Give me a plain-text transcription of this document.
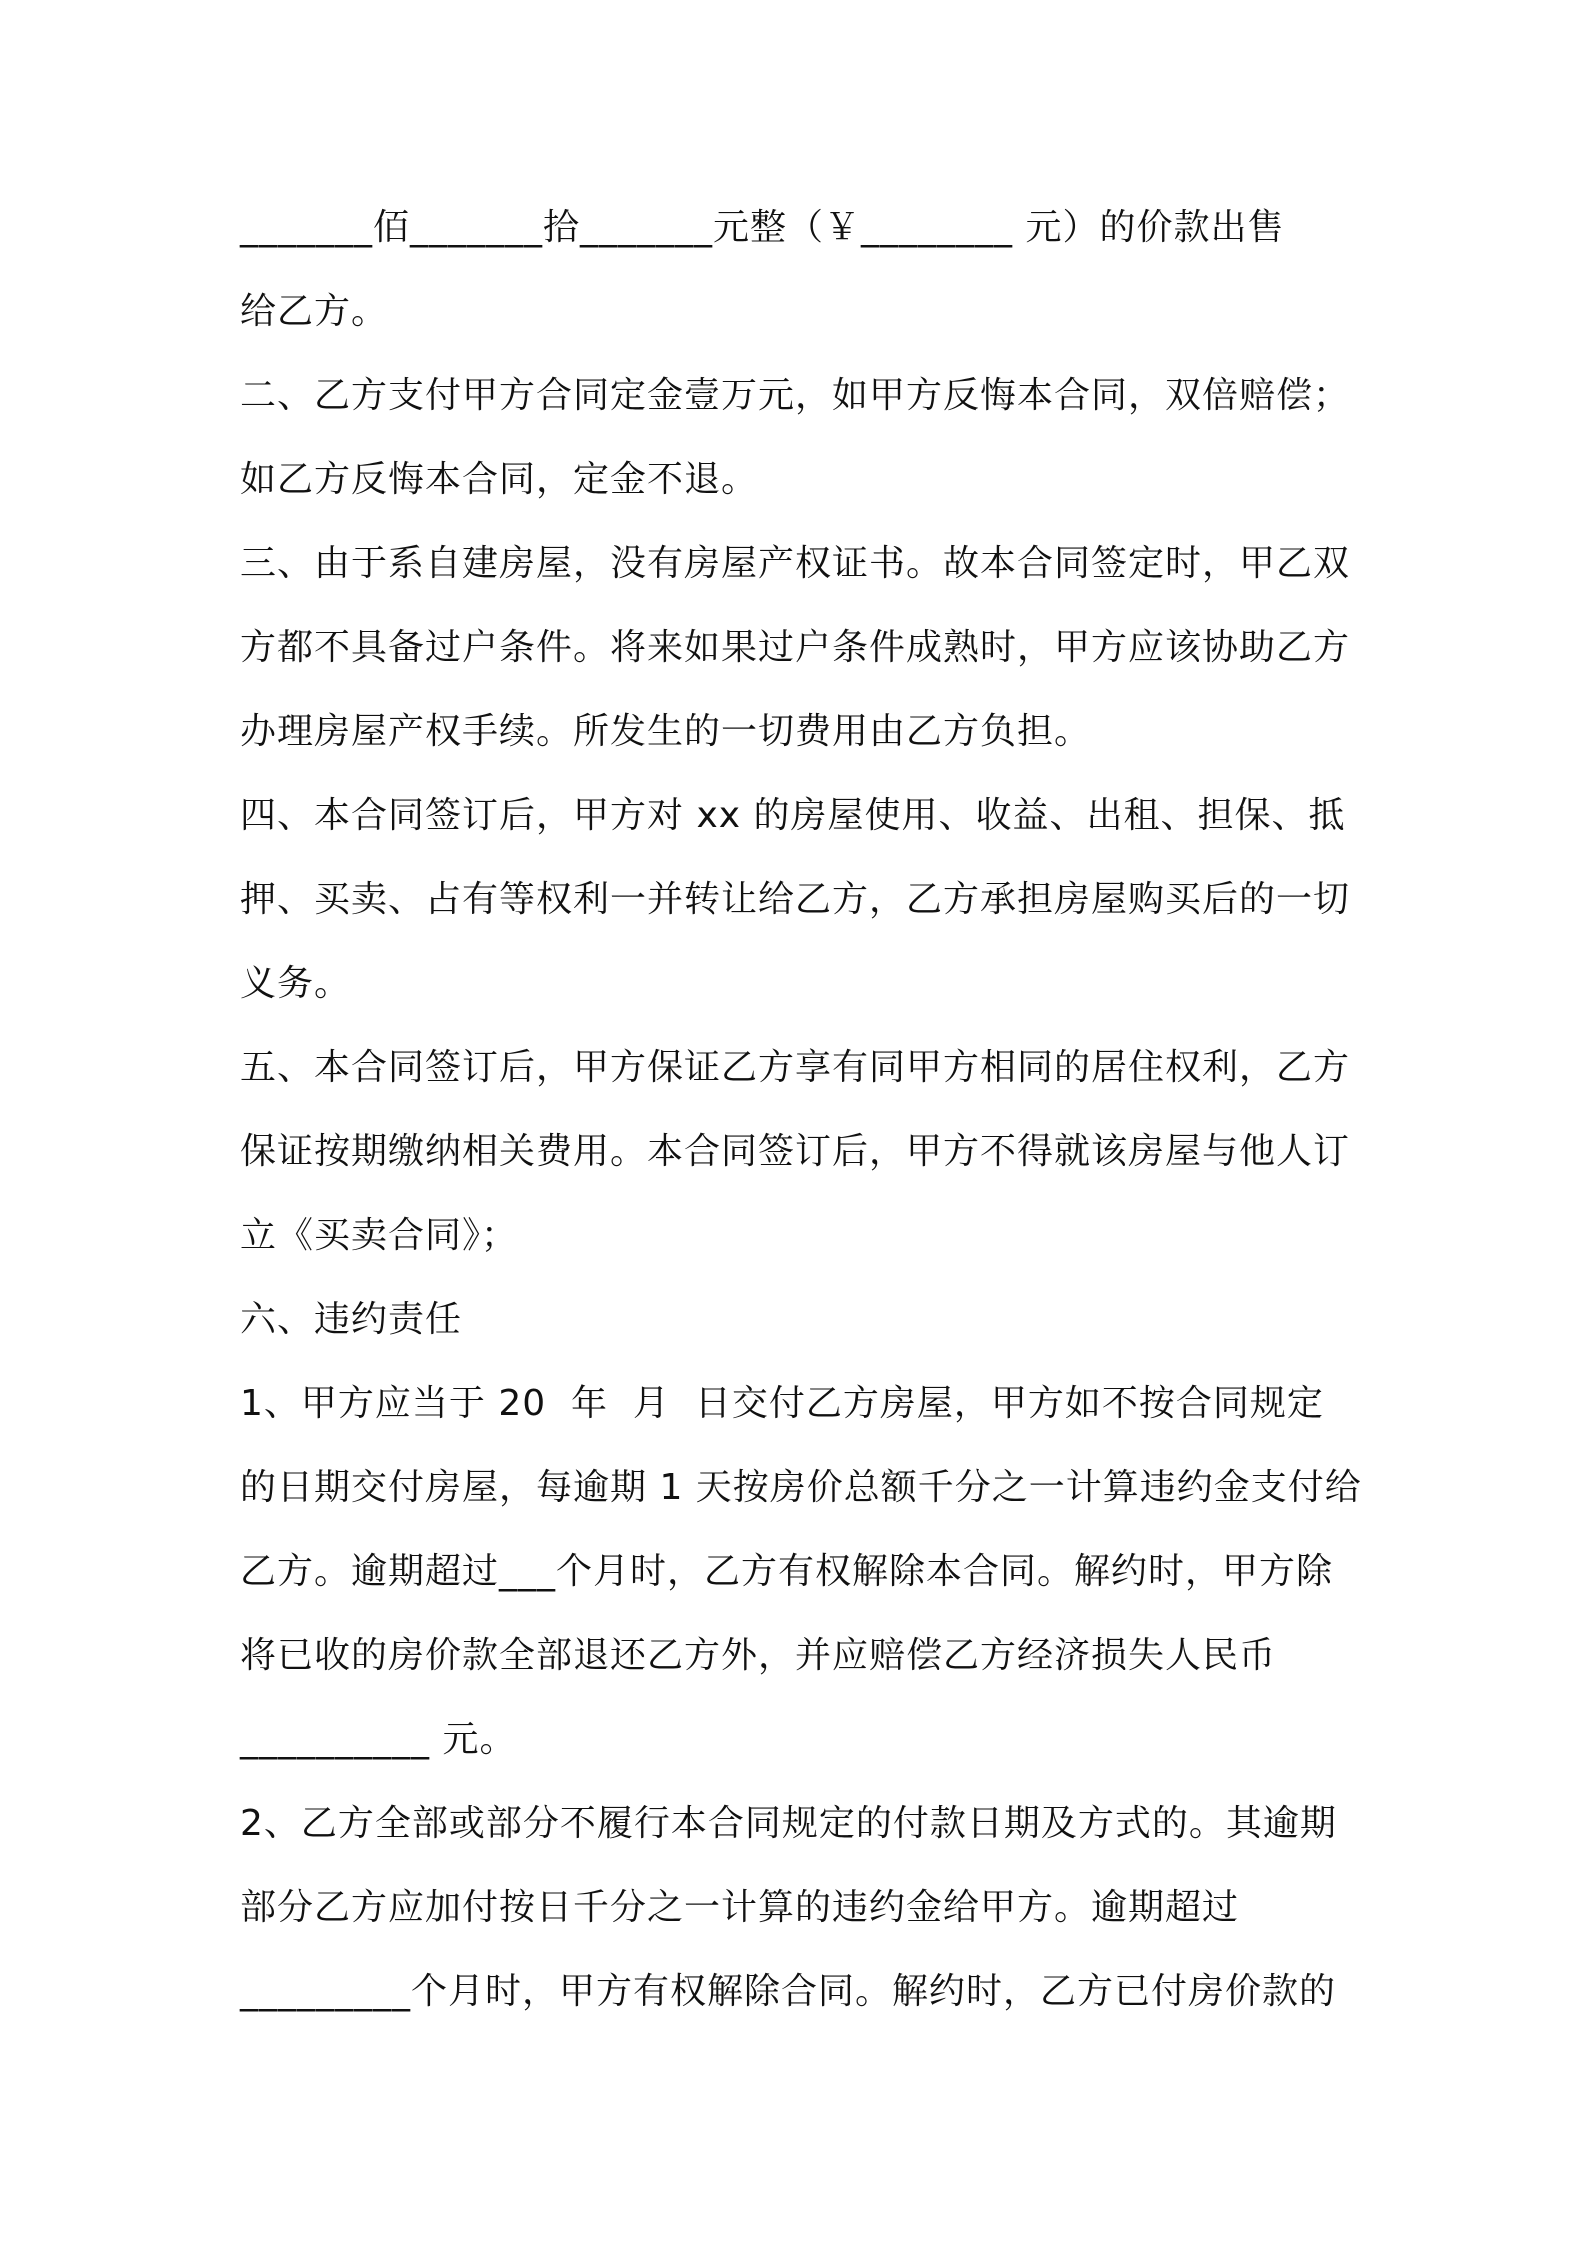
_______佰_______拾_______元整（￥________ 元）的价款出售
给乙方。
二、乙方支付甲方合同定金壹万元，如甲方反悔本合同，双倍赔偿；
如乙方反悔本合同，定金不退。
三、由于系自建房屋，没有房屋产权证书。故本合同签定时，甲乙双
方都不具备过户条件。将来如果过户条件成熟时，甲方应该协助乙方
办理房屋产权手续。所发生的一切费用由乙方负担。
四、本合同签订后，甲方对 xx 的房屋使用、收益、出租、担保、抵
押、买卖、占有等权利一并转让给乙方，乙方承担房屋购买后的一切
义务。
五、本合同签订后，甲方保证乙方享有同甲方相同的居住权利，乙方
保证按期缴纳相关费用。本合同签订后，甲方不得就该房屋与他人订
立《买卖合同》；
六、违约责任
1、甲方应当于 20  年  月  日交付乙方房屋，甲方如不按合同规定
的日期交付房屋，每逾期 1 天按房价总额千分之一计算违约金支付给
乙方。逾期超过___个月时，乙方有权解除本合同。解约时，甲方除
将已收的房价款全部退还乙方外，并应赔偿乙方经济损失人民币
__________ 元。
2、乙方全部或部分不履行本合同规定的付款日期及方式的。其逾期
部分乙方应加付按日千分之一计算的违约金给甲方。逾期超过
_________个月时，甲方有权解除合同。解约时，乙方已付房价款的
